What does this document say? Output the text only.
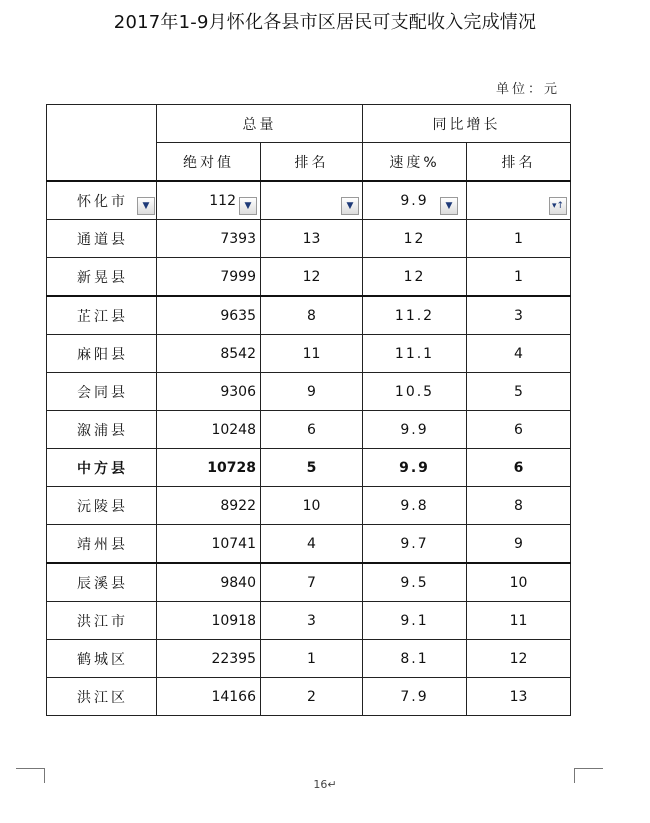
2017年1-9月怀化各县市区居民可支配收入完成情况
单位：元
	总量		同比增长	
	绝对值	排名	速度%	排名
怀化市 ▼	112 ▼	▼	9.9 ▼	▾↑

通道县	7393	13	12	1
新晃县	7999	12	12	1
芷江县	9635	8	11.2	3
麻阳县	8542	11	11.1	4
会同县	9306	9	10.5	5
溆浦县	10248	6	9.9	6
中方县	10728	5	9.9	6
沅陵县	8922	10	9.8	8
靖州县	10741	4	9.7	9
辰溪县	9840	7	9.5	10
洪江市	10918	3	9.1	11
鹤城区	22395	1	8.1	12
洪江区	14166	2	7.9	13
16↵
